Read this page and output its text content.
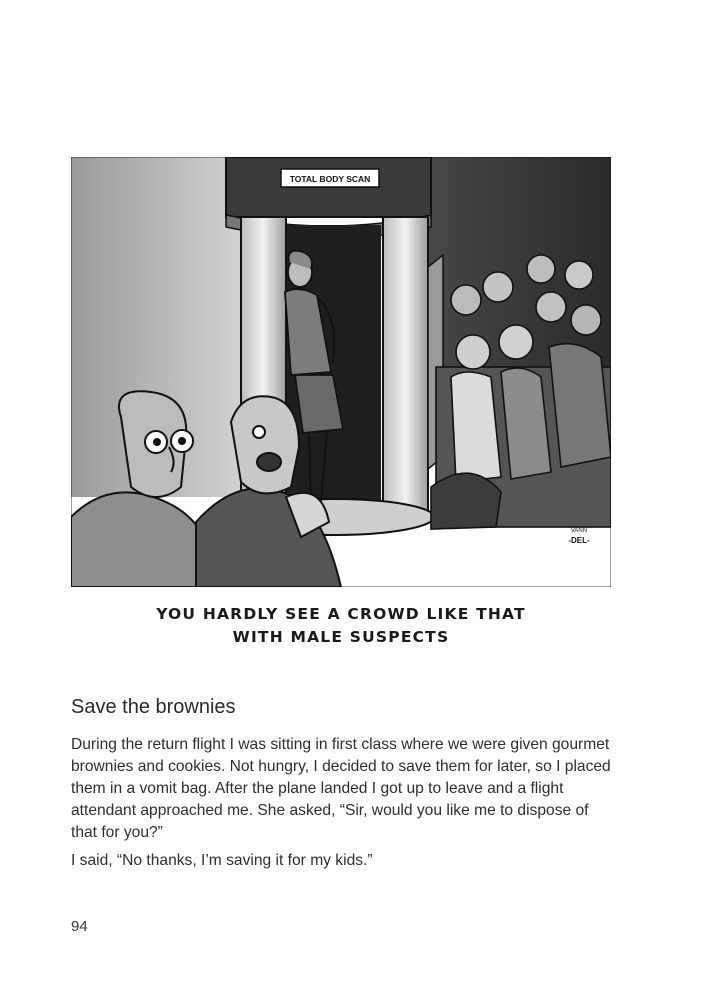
TOTAL BODY SCAN
VANN
-DEL-
YOU HARDLY SEE A CROWD LIKE THAT
WITH MALE SUSPECTS
Save the brownies

During the return flight I was sitting in first class where we were given gourmet brownies and cookies. Not hungry, I decided to save them for later, so I placed them in a vomit bag. After the plane landed I got up to leave and a flight attendant approached me. She asked, “Sir, would you like me to dispose of that for you?”

I said, “No thanks, I’m saving it for my kids.”

94
